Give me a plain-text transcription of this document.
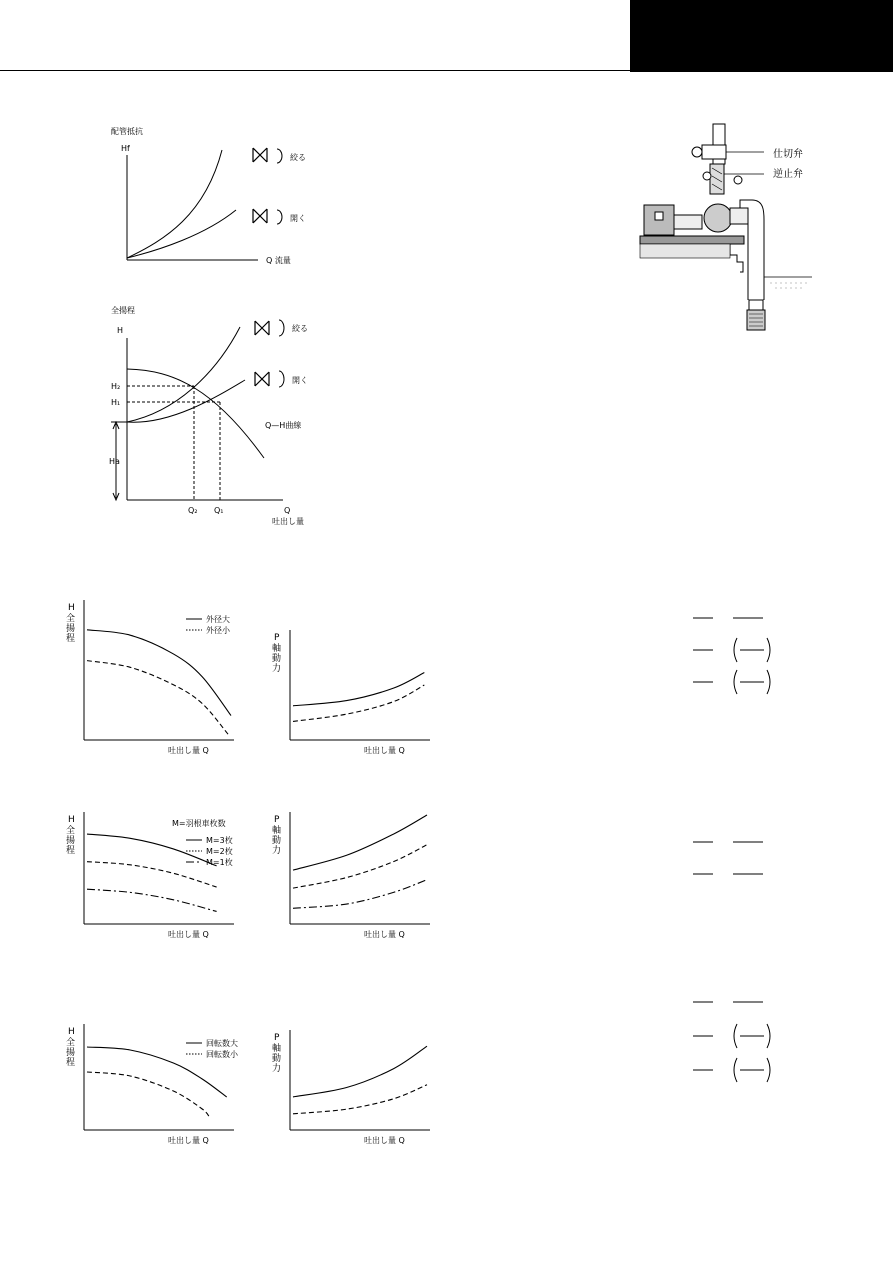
配管抵抗
Hf
Q 流量
絞る
開く
全揚程
H
H₂
H₁
Ha
Q₂ Q₁	Q
吐出し量
Q—H曲線
絞る
開く
仕切弁
逆止弁
H
全
揚
程
吐出し量 Q
外径大
外径小
P
軸
動
力
吐出し量 Q
H
全
揚
程
吐出し量 Q
M=羽根車枚数
M=3枚
M=2枚
M=1枚
P
軸
動
力
吐出し量 Q
H
全
揚
程
吐出し量 Q
回転数大
回転数小
P
軸
動
力
吐出し量 Q
